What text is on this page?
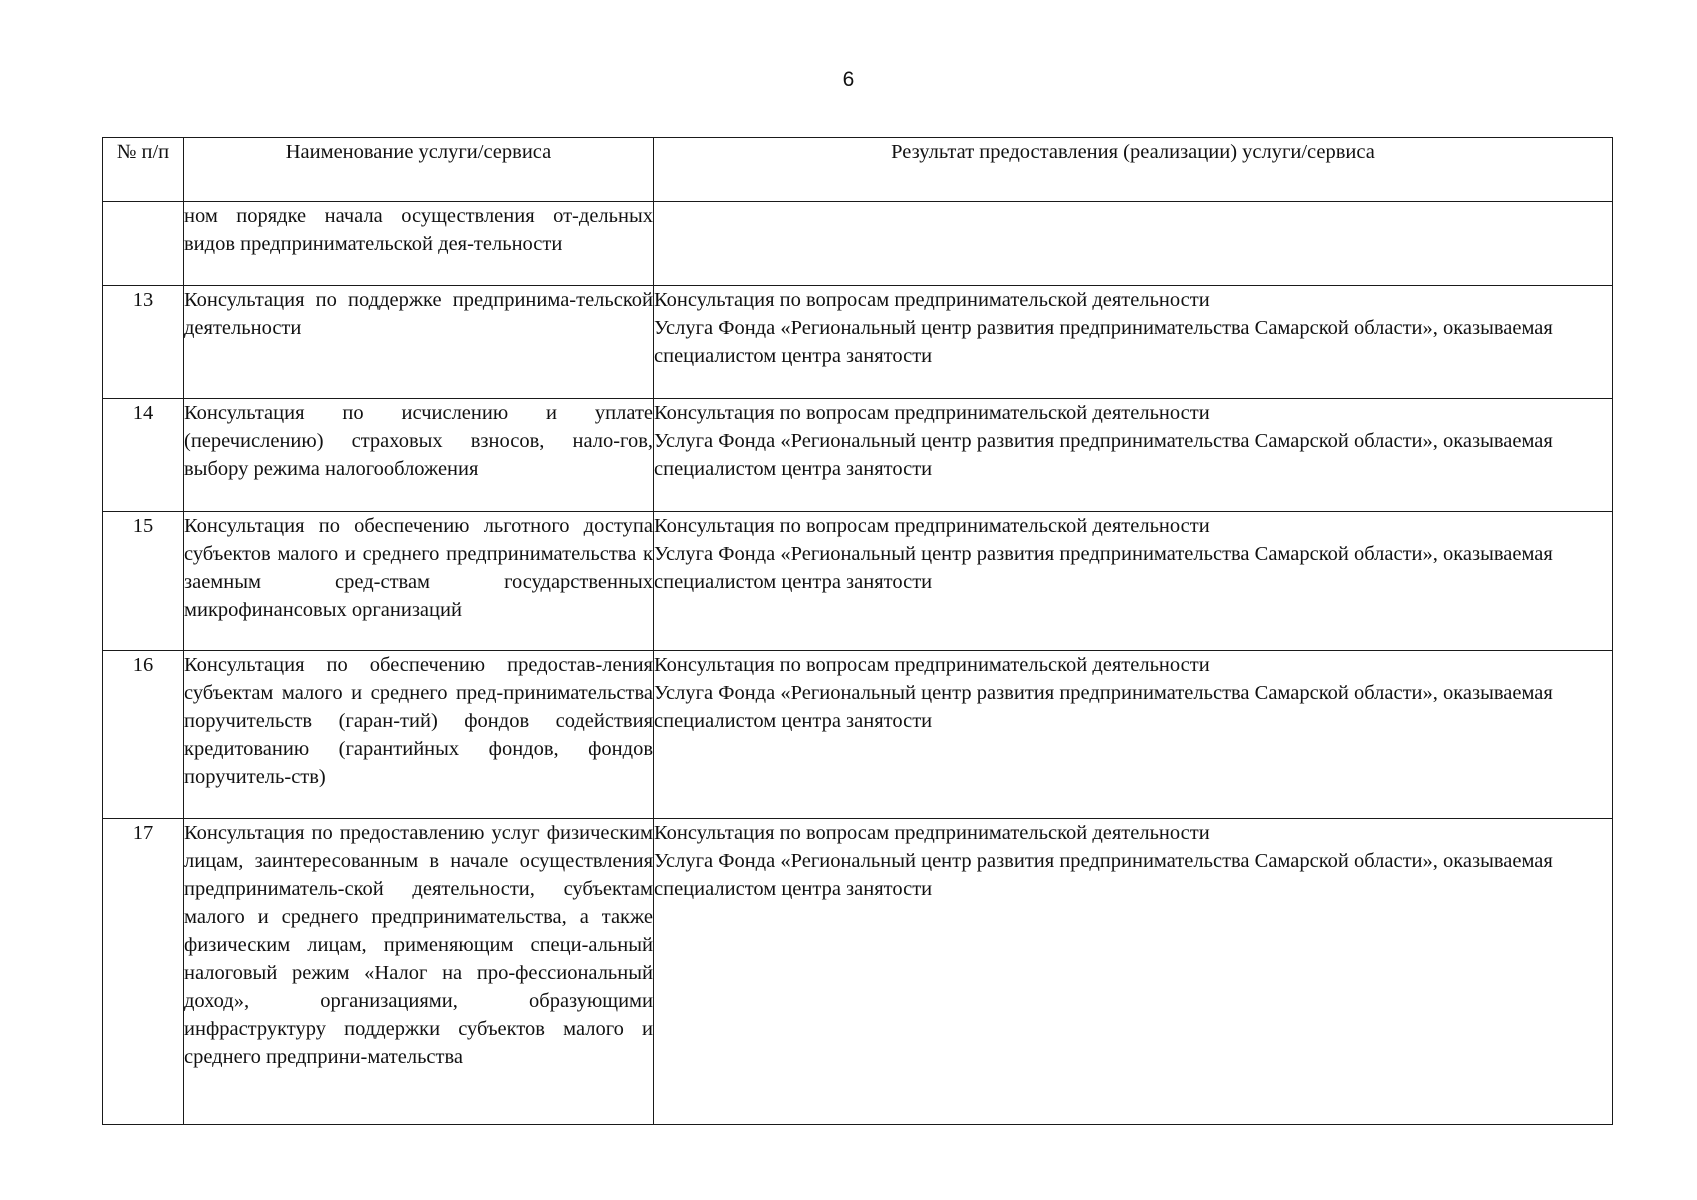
6
№ п/п	Наименование услуги/сервиса	Результат предоставления (реализации) услуги/сервиса
	ном порядке начала осуществления от-дельных видов предпринимательской дея-тельности	
13	Консультация по поддержке предпринима-тельской деятельности	Консультация по вопросам предпринимательской деятельности
Услуга Фонда «Региональный центр развития предпринимательства Самарской области», оказываемая специалистом центра занятости

14	Консультация по исчислению и уплате (перечислению) страховых взносов, нало-гов, выбору режима налогообложения	Консультация по вопросам предпринимательской деятельности
Услуга Фонда «Региональный центр развития предпринимательства Самарской области», оказываемая специалистом центра занятости

15	Консультация по обеспечению льготного доступа субъектов малого и среднего предпринимательства к заемным сред-ствам государственных микрофинансовых организаций	Консультация по вопросам предпринимательской деятельности
Услуга Фонда «Региональный центр развития предпринимательства Самарской области», оказываемая специалистом центра занятости

16	Консультация по обеспечению предостав-ления субъектам малого и среднего пред-принимательства поручительств (гаран-тий) фондов содействия кредитованию (гарантийных фондов, фондов поручитель-ств)	Консультация по вопросам предпринимательской деятельности
Услуга Фонда «Региональный центр развития предпринимательства Самарской области», оказываемая специалистом центра занятости

17	Консультация по предоставлению услуг физическим лицам, заинтересованным в начале осуществления предприниматель-ской деятельности, субъектам малого и среднего предпринимательства, а также физическим лицам, применяющим специ-альный налоговый режим «Налог на про-фессиональный доход», организациями, образующими инфраструктуру поддержки субъектов малого и среднего предприни-мательства	Консультация по вопросам предпринимательской деятельности
Услуга Фонда «Региональный центр развития предпринимательства Самарской области», оказываемая специалистом центра занятости
